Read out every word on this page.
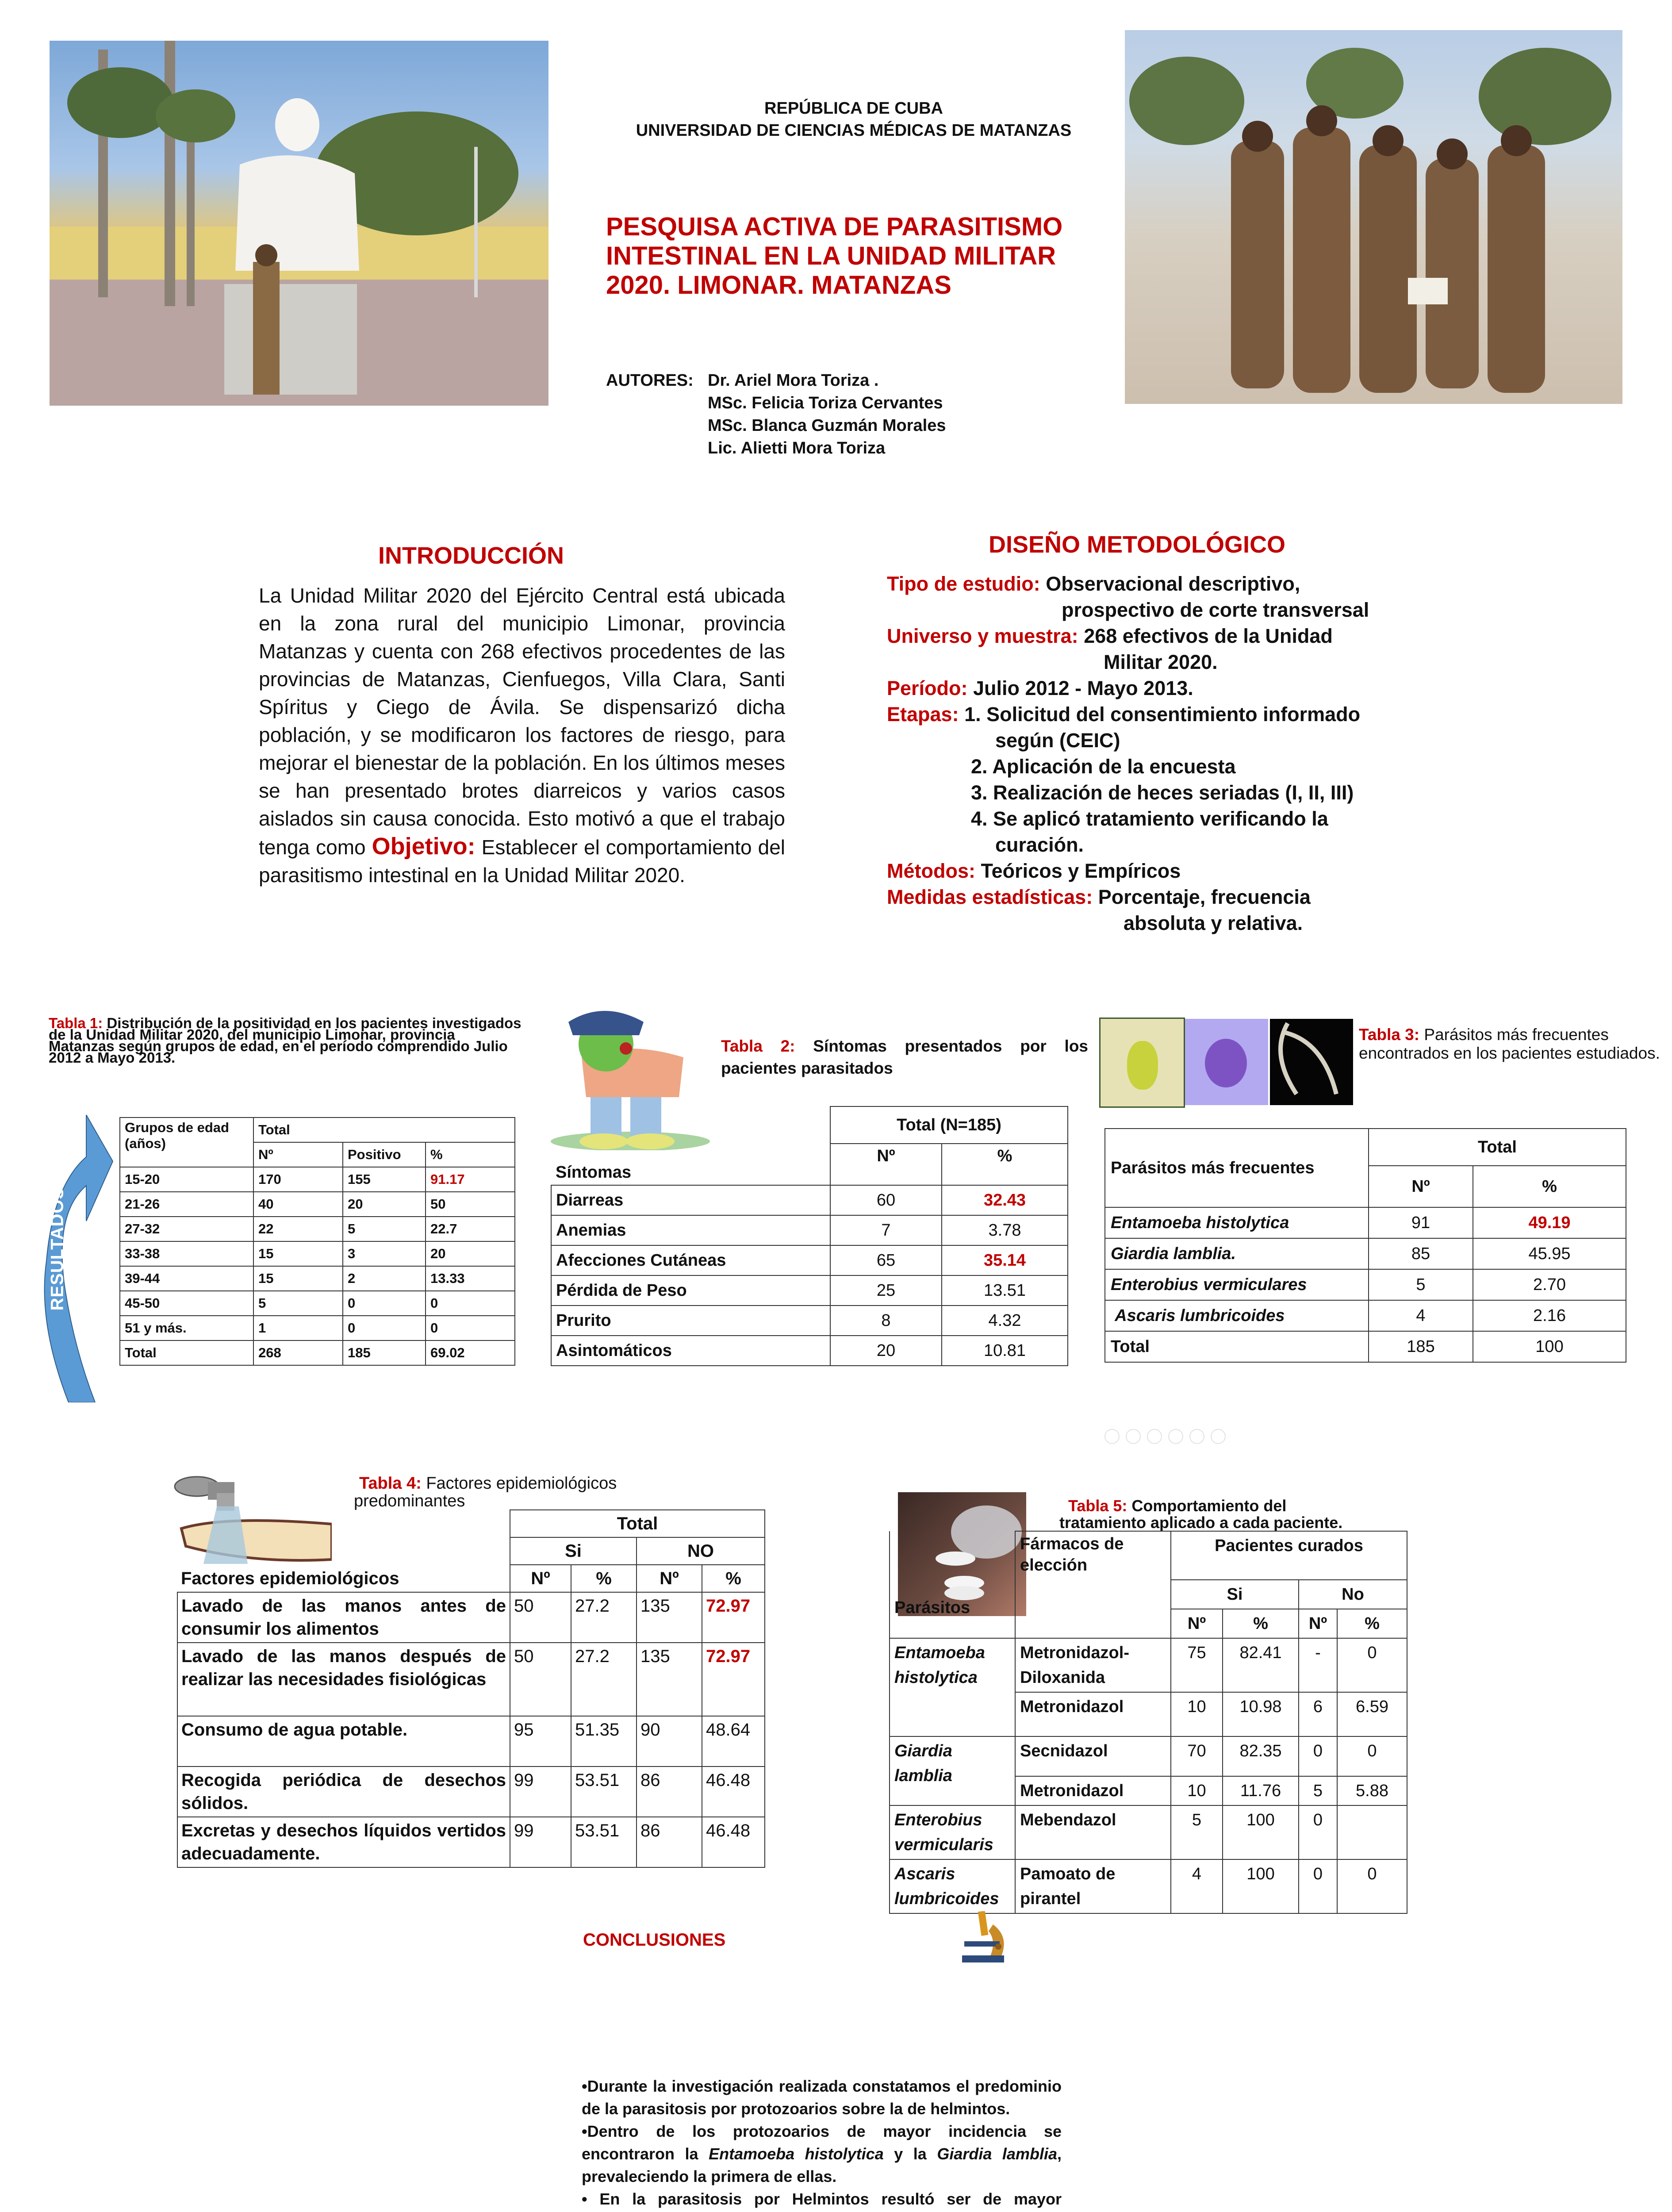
REPÚBLICA DE CUBA
UNIVERSIDAD DE CIENCIAS MÉDICAS DE MATANZAS
PESQUISA ACTIVA DE PARASITISMO
INTESTINAL EN LA UNIDAD MILITAR
2020. LIMONAR. MATANZAS
AUTORES: Dr. Ariel Mora Toriza .
MSc. Felicia Toriza Cervantes
MSc. Blanca Guzmán Morales
Lic. Alietti Mora Toriza
INTRODUCCIÓN
La Unidad Militar 2020 del Ejército Central está ubicada en la zona rural del municipio Limonar, provincia Matanzas y cuenta con 268 efectivos procedentes de las provincias de Matanzas, Cienfuegos, Villa Clara, Santi Spíritus y Ciego de Ávila. Se dispensarizó dicha población, y se modificaron los factores de riesgo, para mejorar el bienestar de la población. En los últimos meses se han presentado brotes diarreicos y varios casos aislados sin causa conocida. Esto motivó a que el trabajo tenga como Objetivo: Establecer el comportamiento del parasitismo intestinal en la Unidad Militar 2020.
DISEÑO METODOLÓGICO
Tipo de estudio: Observacional descriptivo,
prospectivo de corte transversal
Universo y muestra: 268 efectivos de la Unidad
Militar 2020.
Período: Julio 2012 - Mayo 2013.
Etapas: 1. Solicitud del consentimiento informado
según (CEIC)
2. Aplicación de la encuesta
3. Realización de heces seriadas (I, II, III)
4. Se aplicó tratamiento verificando la
curación.
Métodos: Teóricos y Empíricos
Medidas estadísticas: Porcentaje, frecuencia
absoluta y relativa.
RESULTADOS
Tabla 1: Distribución de la positividad en los pacientes investigados de la Unidad Militar 2020, del municipio Limonar, provincia Matanzas según grupos de edad, en el período comprendido Julio 2012 a Mayo 2013.
Grupos de edad (años)	Total		
	Nº	Positivo	%
15-20	170	155	91.17
21-26	40	20	50
27-32	22	5	22.7
33-38	15	3	20
39-44	15	2	13.33
45-50	5	0	0
51 y más.	1	0	0
Total	268	185	69.02
Tabla 2: Síntomas presentados por los pacientes parasitados
Síntomas	Total (N=185)	
	Nº	%
Diarreas	60	32.43
Anemias	7	3.78
Afecciones Cutáneas	65	35.14
Pérdida de Peso	25	13.51
Prurito	8	4.32
Asintomáticos	20	10.81
Tabla 3: Parásitos más frecuentes encontrados en los pacientes estudiados.
Parásitos más frecuentes	Total	
	Nº	%
Entamoeba histolytica	91	49.19
Giardia lamblia.	85	45.95
Enterobius vermiculares	5	2.70
Ascaris lumbricoides	4	2.16
Total	185	100
Tabla 4: Factores epidemiológicos
predominantes
Factores epidemiológicos	Total			
	Si		NO	
	Nº	%	Nº	%
Lavado de las manos antes de consumir los alimentos	50	27.2	135	72.97
Lavado de las manos después de realizar las necesidades fisiológicas	50	27.2	135	72.97
Consumo de agua potable.	95	51.35	90	48.64
Recogida periódica de desechos sólidos.	99	53.51	86	46.48
Excretas y desechos líquidos vertidos adecuadamente.	99	53.51	86	46.48
Tabla 5: Comportamiento del
tratamiento aplicado a cada paciente.
Parásitos	Fármacos de elección	Pacientes curados			
		Si		No	
		Nº	%	Nº	%
Entamoeba histolytica	Metronidazol-Diloxanida	75	82.41	-	0
	Metronidazol	10	10.98	6	6.59
Giardia lamblia	Secnidazol	70	82.35	0	0
	Metronidazol	10	11.76	5	5.88
Enterobius vermicularis	Mebendazol	5	100	0	
Ascaris lumbricoides	Pamoato de pirantel	4	100	0	0
CONCLUSIONES
•Durante la investigación realizada constatamos el predominio de la parasitosis por protozoarios sobre la de helmintos.
•Dentro de los protozoarios de mayor incidencia se encontraron la Entamoeba histolytica y la Giardia lamblia, prevaleciendo la primera de ellas.
• En la parasitosis por Helmintos resultó ser de mayor
